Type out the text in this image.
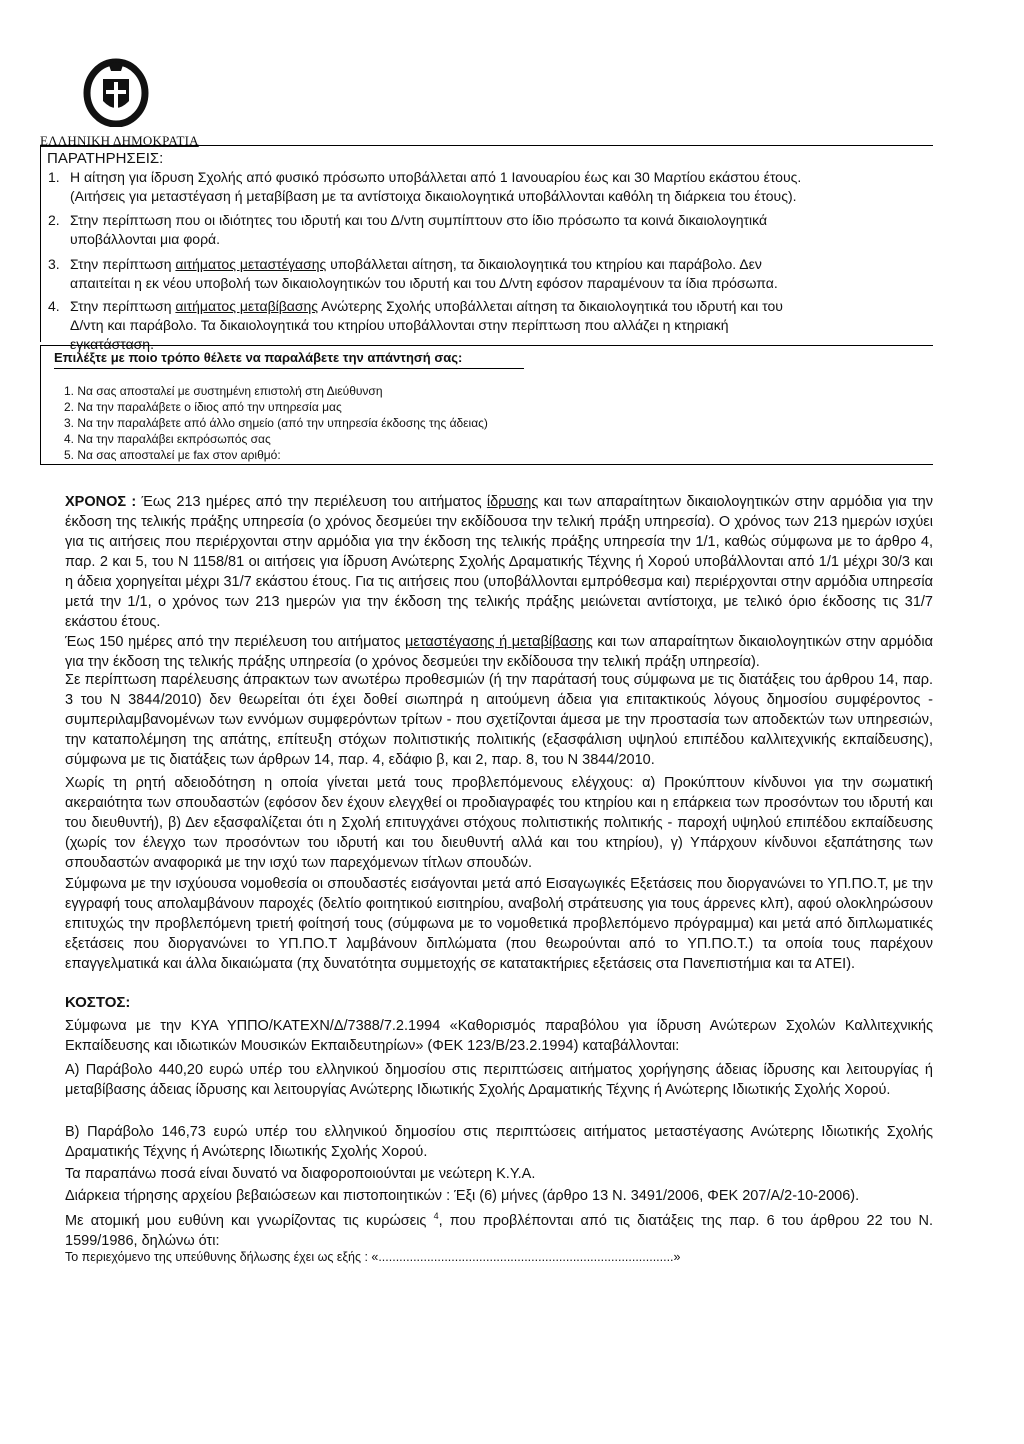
ΕΛΛΗΝΙΚΗ ΔΗΜΟΚΡΑΤΙΑ
ΠΑΡΑΤΗΡΗΣΕΙΣ:
1. Η αίτηση για ίδρυση Σχολής από φυσικό πρόσωπο υποβάλλεται από 1 Ιανουαρίου έως και 30 Μαρτίου εκάστου έτους.
(Αιτήσεις για μεταστέγαση ή μεταβίβαση με τα αντίστοιχα δικαιολογητικά υποβάλλονται καθόλη τη διάρκεια του έτους).
2. Στην περίπτωση που οι ιδιότητες του ιδρυτή και του Δ/ντη συμπίπτουν στο ίδιο πρόσωπο τα κοινά δικαιολογητικά
υποβάλλονται μια φορά.
3. Στην περίπτωση αιτήματος μεταστέγασης υποβάλλεται αίτηση, τα δικαιολογητικά του κτηρίου και παράβολο. Δεν
απαιτείται η εκ νέου υποβολή των δικαιολογητικών του ιδρυτή και του Δ/ντη εφόσον παραμένουν τα ίδια πρόσωπα.
4. Στην περίπτωση αιτήματος μεταβίβασης Ανώτερης Σχολής υποβάλλεται αίτηση τα δικαιολογητικά του ιδρυτή και του
Δ/ντη και παράβολο. Τα δικαιολογητικά του κτηρίου υποβάλλονται στην περίπτωση που αλλάζει η κτηριακή
εγκατάσταση.
Επιλέξτε με ποιο τρόπο θέλετε να παραλάβετε την απάντησή σας:
1. Να σας αποσταλεί με συστημένη επιστολή στη Διεύθυνση
2. Να την παραλάβετε ο ίδιος από την υπηρεσία μας
3. Να την παραλάβετε από άλλο σημείο (από την υπηρεσία έκδοσης της άδειας)
4. Να την παραλάβει εκπρόσωπός σας
5. Να σας αποσταλεί με fax στον αριθμό:
ΧΡΟΝΟΣ : Έως 213 ημέρες από την περιέλευση του αιτήματος ίδρυσης και των απαραίτητων δικαιολογητικών στην αρμόδια για την έκδοση της τελικής πράξης υπηρεσία (ο χρόνος δεσμεύει την εκδίδουσα την τελική πράξη υπηρεσία). Ο χρόνος των 213 ημερών ισχύει για τις αιτήσεις που περιέρχονται στην αρμόδια για την έκδοση της τελικής πράξης υπηρεσία την 1/1, καθώς σύμφωνα με το άρθρο 4, παρ. 2 και 5, του Ν 1158/81 οι αιτήσεις για ίδρυση Ανώτερης Σχολής Δραματικής Τέχνης ή Χορού υποβάλλονται από 1/1 μέχρι 30/3 και η άδεια χορηγείται μέχρι 31/7 εκάστου έτους. Για τις αιτήσεις που (υποβάλλονται εμπρόθεσμα και) περιέρχονται στην αρμόδια υπηρεσία μετά την 1/1, ο χρόνος των 213 ημερών για την έκδοση της τελικής πράξης μειώνεται αντίστοιχα, με τελικό όριο έκδοσης τις 31/7 εκάστου έτους.
Έως 150 ημέρες από την περιέλευση του αιτήματος μεταστέγασης ή μεταβίβασης και των απαραίτητων δικαιολογητικών στην αρμόδια για την έκδοση της τελικής πράξης υπηρεσία (ο χρόνος δεσμεύει την εκδίδουσα την τελική πράξη υπηρεσία).
Σε περίπτωση παρέλευσης άπρακτων των ανωτέρω προθεσμιών (ή την παράτασή τους σύμφωνα με τις διατάξεις του άρθρου 14, παρ. 3 του Ν 3844/2010) δεν θεωρείται ότι έχει δοθεί σιωπηρά η αιτούμενη άδεια για επιτακτικούς λόγους δημοσίου συμφέροντος - συμπεριλαμβανομένων των εννόμων συμφερόντων τρίτων - που σχετίζονται άμεσα με την προστασία των αποδεκτών των υπηρεσιών, την καταπολέμηση της απάτης, επίτευξη στόχων πολιτιστικής πολιτικής (εξασφάλιση υψηλού επιπέδου καλλιτεχνικής εκπαίδευσης), σύμφωνα με τις διατάξεις των άρθρων 14, παρ. 4, εδάφιο β, και 2, παρ. 8, του Ν 3844/2010.
Χωρίς τη ρητή αδειοδότηση η οποία γίνεται μετά τους προβλεπόμενους ελέγχους: α) Προκύπτουν κίνδυνοι για την σωματική ακεραιότητα των σπουδαστών (εφόσον δεν έχουν ελεγχθεί οι προδιαγραφές του κτηρίου και η επάρκεια των προσόντων του ιδρυτή και του διευθυντή), β) Δεν εξασφαλίζεται ότι η Σχολή επιτυγχάνει στόχους πολιτιστικής πολιτικής - παροχή υψηλού επιπέδου εκπαίδευσης (χωρίς τον έλεγχο των προσόντων του ιδρυτή και του διευθυντή αλλά και του κτηρίου), γ) Υπάρχουν κίνδυνοι εξαπάτησης των σπουδαστών αναφορικά με την ισχύ των παρεχόμενων τίτλων σπουδών.
Σύμφωνα με την ισχύουσα νομοθεσία οι σπουδαστές εισάγονται μετά από Εισαγωγικές Εξετάσεις που διοργανώνει το ΥΠ.ΠΟ.Τ, με την εγγραφή τους απολαμβάνουν παροχές (δελτίο φοιτητικού εισιτηρίου, αναβολή στράτευσης για τους άρρενες κλπ), αφού ολοκληρώσουν επιτυχώς την προβλεπόμενη τριετή φοίτησή τους (σύμφωνα με το νομοθετικά προβλεπόμενο πρόγραμμα) και μετά από διπλωματικές εξετάσεις που διοργανώνει το ΥΠ.ΠΟ.Τ λαμβάνουν διπλώματα (που θεωρούνται από το ΥΠ.ΠΟ.Τ.) τα οποία τους παρέχουν επαγγελματικά και άλλα δικαιώματα (πχ δυνατότητα συμμετοχής σε κατατακτήριες εξετάσεις στα Πανεπιστήμια και τα ΑΤΕΙ).
ΚΟΣΤΟΣ:
Σύμφωνα με την ΚΥΑ ΥΠΠΟ/ΚΑΤΕΧΝ/Δ/7388/7.2.1994 «Καθορισμός παραβόλου για ίδρυση Ανώτερων Σχολών Καλλιτεχνικής Εκπαίδευσης και ιδιωτικών Μουσικών Εκπαιδευτηρίων» (ΦΕΚ 123/Β/23.2.1994) καταβάλλονται:
Α) Παράβολο 440,20 ευρώ υπέρ του ελληνικού δημοσίου στις περιπτώσεις αιτήματος χορήγησης άδειας ίδρυσης και λειτουργίας ή μεταβίβασης άδειας ίδρυσης και λειτουργίας Ανώτερης Ιδιωτικής Σχολής Δραματικής Τέχνης ή Ανώτερης Ιδιωτικής Σχολής Χορού.
Β) Παράβολο 146,73 ευρώ υπέρ του ελληνικού δημοσίου στις περιπτώσεις αιτήματος μεταστέγασης Ανώτερης Ιδιωτικής Σχολής Δραματικής Τέχνης ή Ανώτερης Ιδιωτικής Σχολής Χορού.
Τα παραπάνω ποσά είναι δυνατό να διαφοροποιούνται με νεώτερη Κ.Υ.Α.
Διάρκεια τήρησης αρχείου βεβαιώσεων και πιστοποιητικών : Έξι (6) μήνες (άρθρο 13 Ν. 3491/2006, ΦΕΚ 207/Α/2-10-2006).
Με ατομική μου ευθύνη και γνωρίζοντας τις κυρώσεις $^4$, που προβλέπονται από τις διατάξεις της παρ. 6 του άρθρου 22 του Ν. 1599/1986, δηλώνω ότι:
Το περιεχόμενο της υπεύθυνης δήλωσης έχει ως εξής : «.....................................................................................»
